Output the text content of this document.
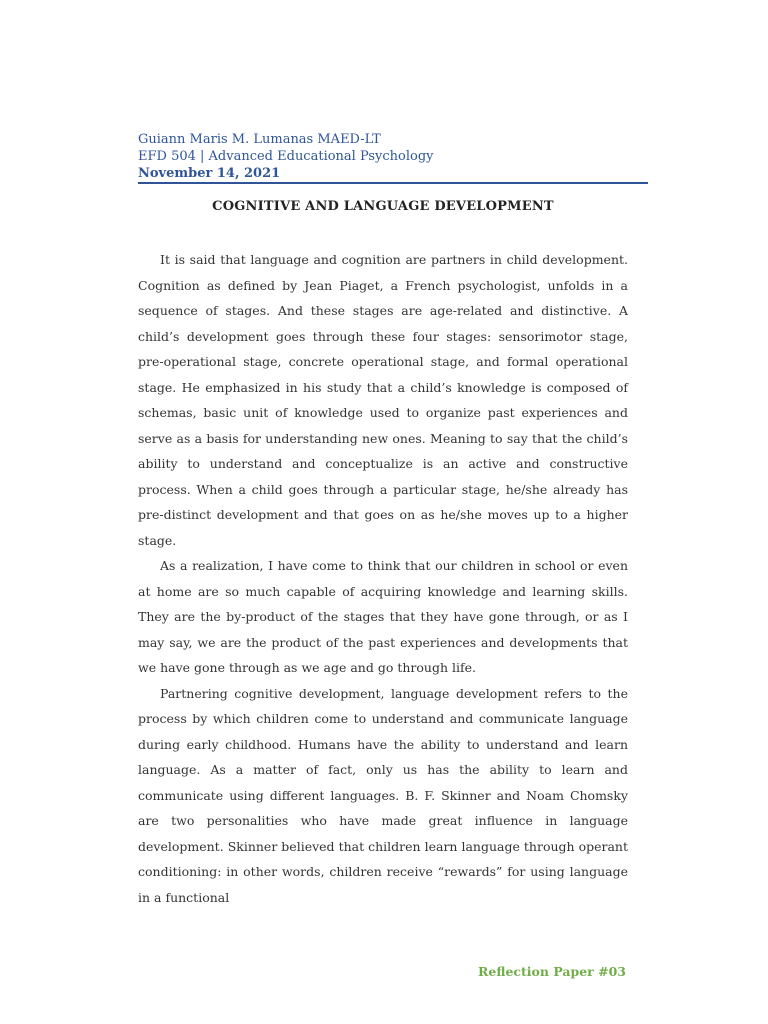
Guiann Maris M. Lumanas MAED-LT
EFD 504 | Advanced Educational Psychology
November 14, 2021
COGNITIVE AND LANGUAGE DEVELOPMENT

It is said that language and cognition are partners in child development. Cognition as defined by Jean Piaget, a French psychologist, unfolds in a sequence of stages. And these stages are age-related and distinctive. A child’s development goes through these four stages: sensorimotor stage, pre-operational stage, concrete operational stage, and formal operational stage. He emphasized in his study that a child’s knowledge is composed of schemas, basic unit of knowledge used to organize past experiences and serve as a basis for understanding new ones. Meaning to say that the child’s ability to understand and conceptualize is an active and constructive process. When a child goes through a particular stage, he/she already has pre-distinct development and that goes on as he/she moves up to a higher stage.

As a realization, I have come to think that our children in school or even at home are so much capable of acquiring knowledge and learning skills. They are the by-product of the stages that they have gone through, or as I may say, we are the product of the past experiences and developments that we have gone through as we age and go through life.

Partnering cognitive development, language development refers to the process by which children come to understand and communicate language during early childhood. Humans have the ability to understand and learn language. As a matter of fact, only us has the ability to learn and communicate using different languages. B. F. Skinner and Noam Chomsky are two personalities who have made great influence in language development. Skinner believed that children learn language through operant conditioning: in other words, children receive “rewards” for using language in a functional

Reflection Paper #03
